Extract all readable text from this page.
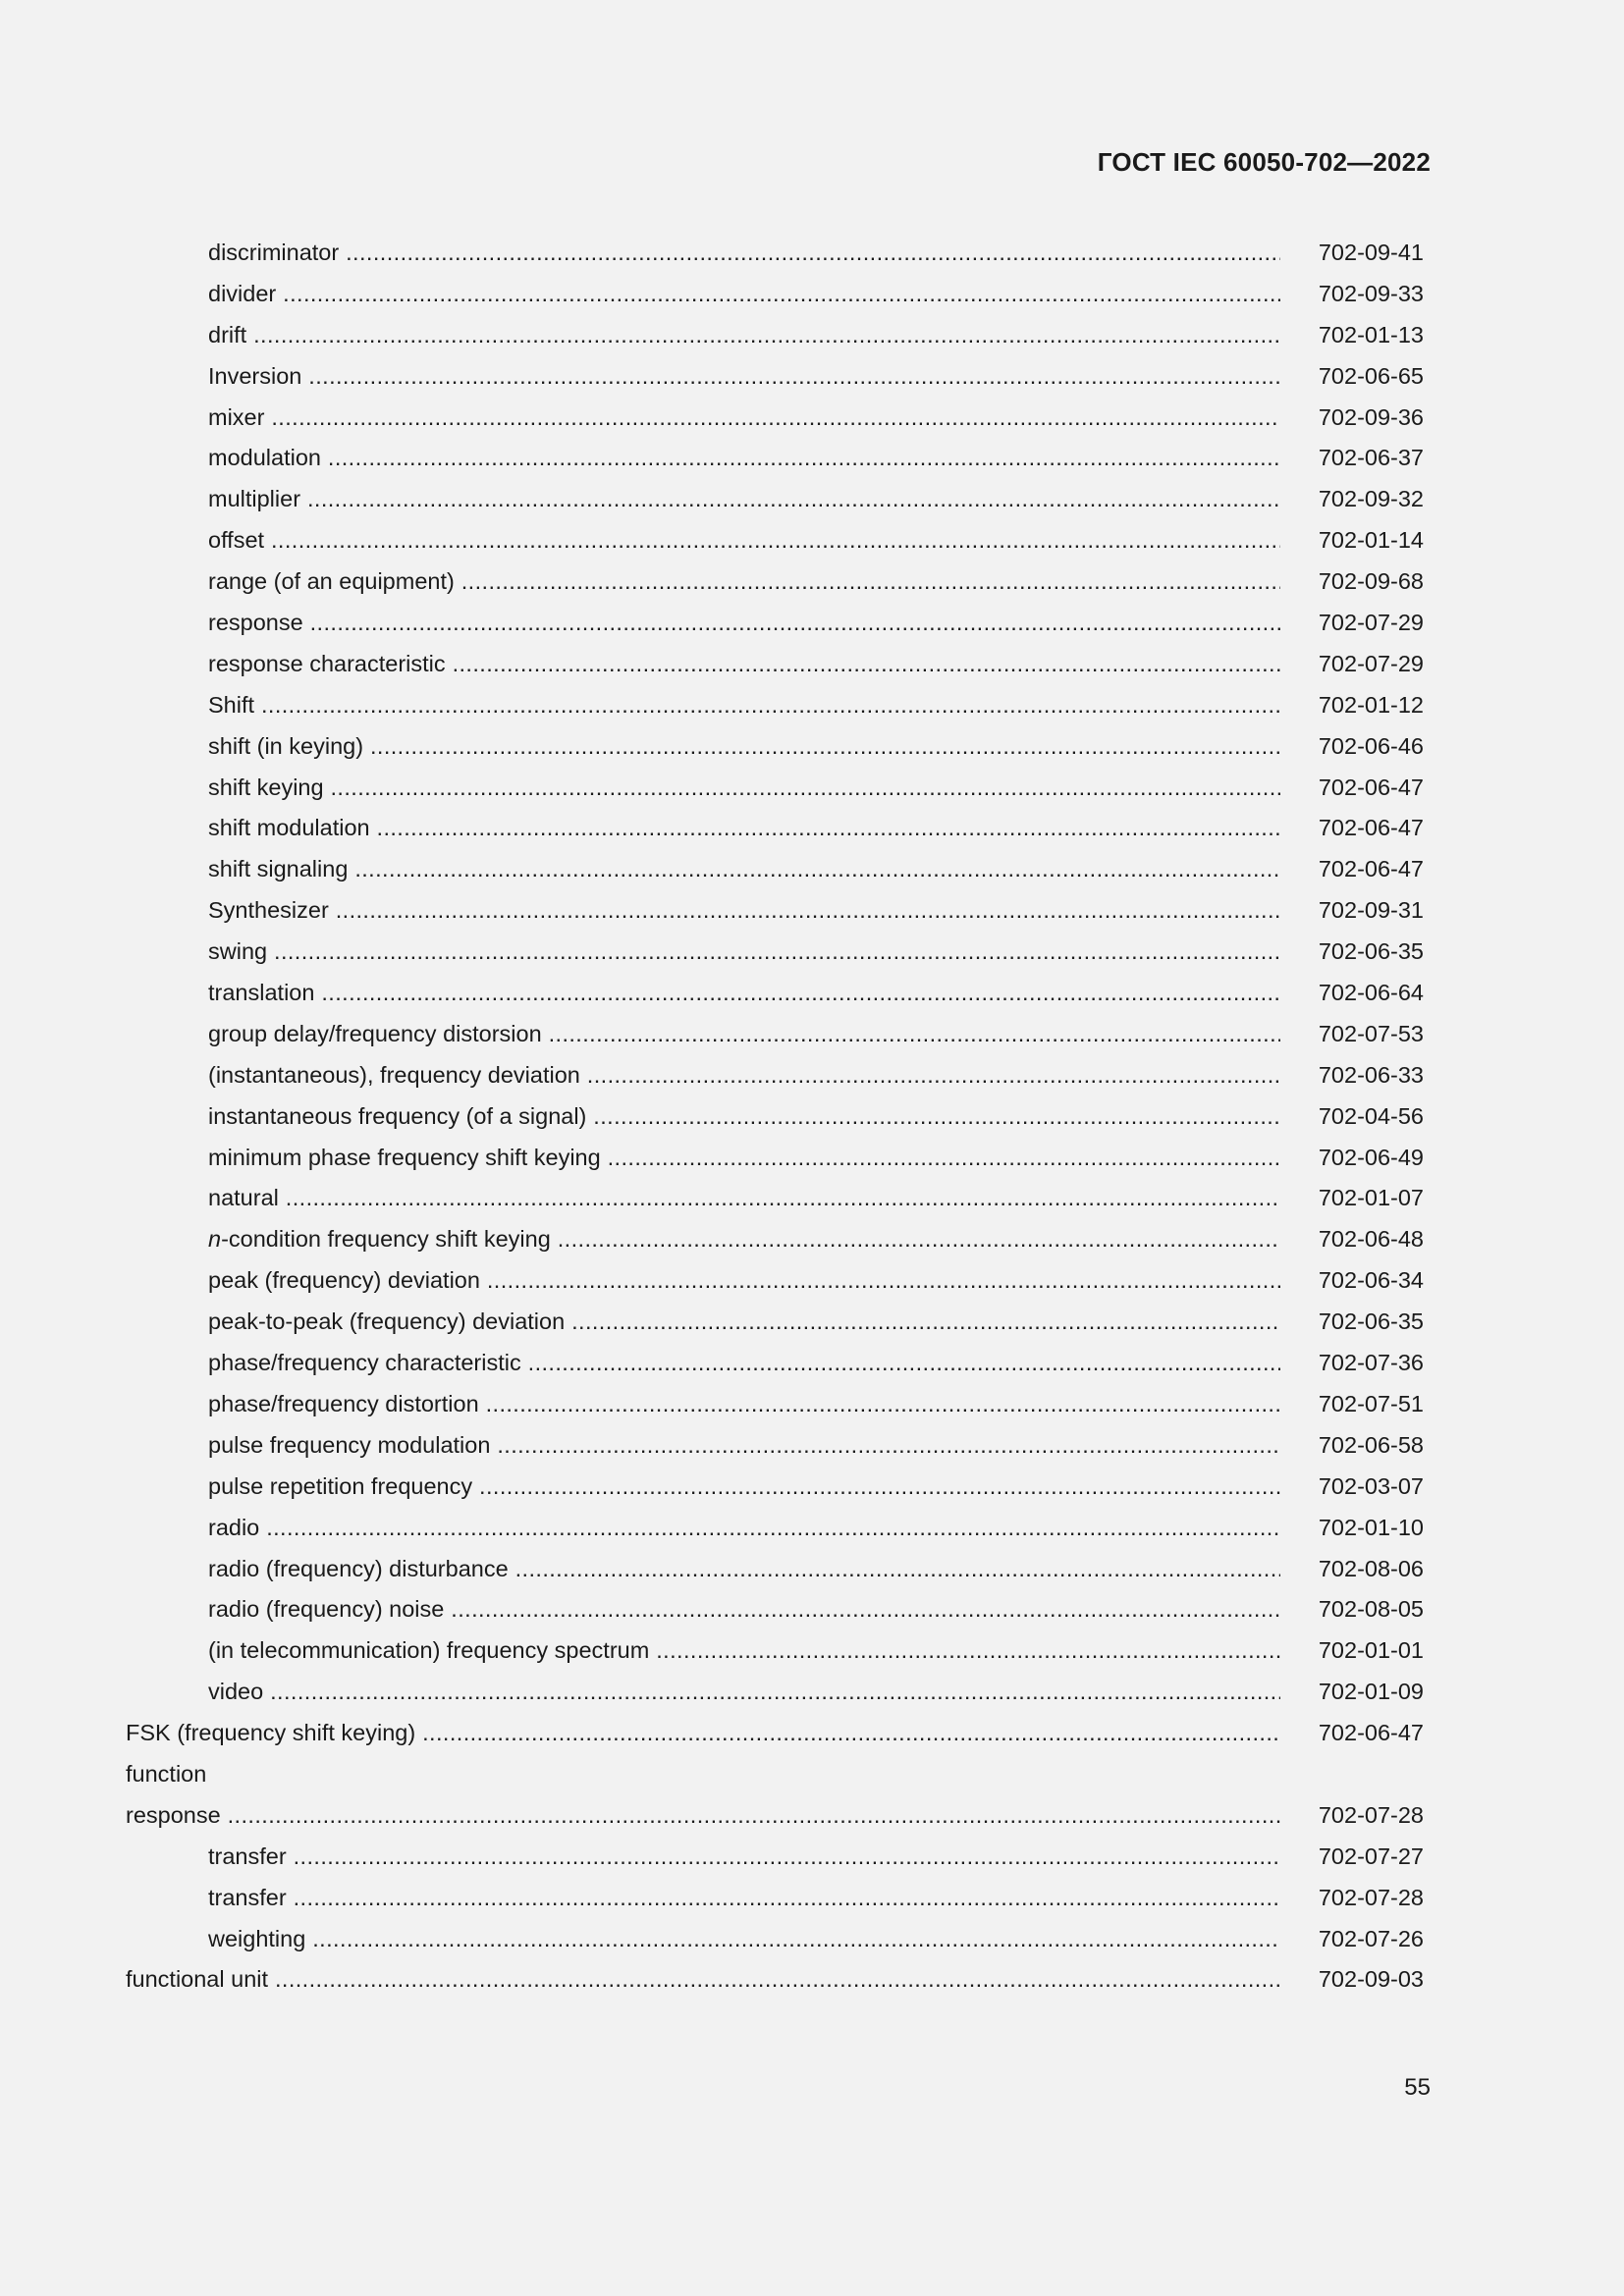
ГОСТ IEC 60050-702—2022
discriminator .....	702-09-41
divider .....	702-09-33
drift .....	702-01-13
Inversion .....	702-06-65
mixer .....	702-09-36
modulation .....	702-06-37
multiplier .....	702-09-32
offset .....	702-01-14
range (of an equipment) .....	702-09-68
response .....	702-07-29
response characteristic .....	702-07-29
Shift .....	702-01-12
shift (in keying) .....	702-06-46
shift keying .....	702-06-47
shift modulation .....	702-06-47
shift signaling .....	702-06-47
Synthesizer .....	702-09-31
swing .....	702-06-35
translation .....	702-06-64
group delay/frequency distorsion .....	702-07-53
(instantaneous), frequency deviation .....	702-06-33
instantaneous frequency (of a signal) .....	702-04-56
minimum phase frequency shift keying .....	702-06-49
natural .....	702-01-07
n-condition frequency shift keying .....	702-06-48
peak (frequency) deviation .....	702-06-34
peak-to-peak (frequency) deviation .....	702-06-35
phase/frequency characteristic .....	702-07-36
phase/frequency distortion .....	702-07-51
pulse frequency modulation .....	702-06-58
pulse repetition frequency .....	702-03-07
radio .....	702-01-10
radio (frequency) disturbance .....	702-08-06
radio (frequency) noise .....	702-08-05
(in telecommunication) frequency spectrum .....	702-01-01
video .....	702-01-09
FSK (frequency shift keying) .....	702-06-47
function
response .....	702-07-28
transfer .....	702-07-27
transfer .....	702-07-28
weighting .....	702-07-26
functional unit .....	702-09-03
55
